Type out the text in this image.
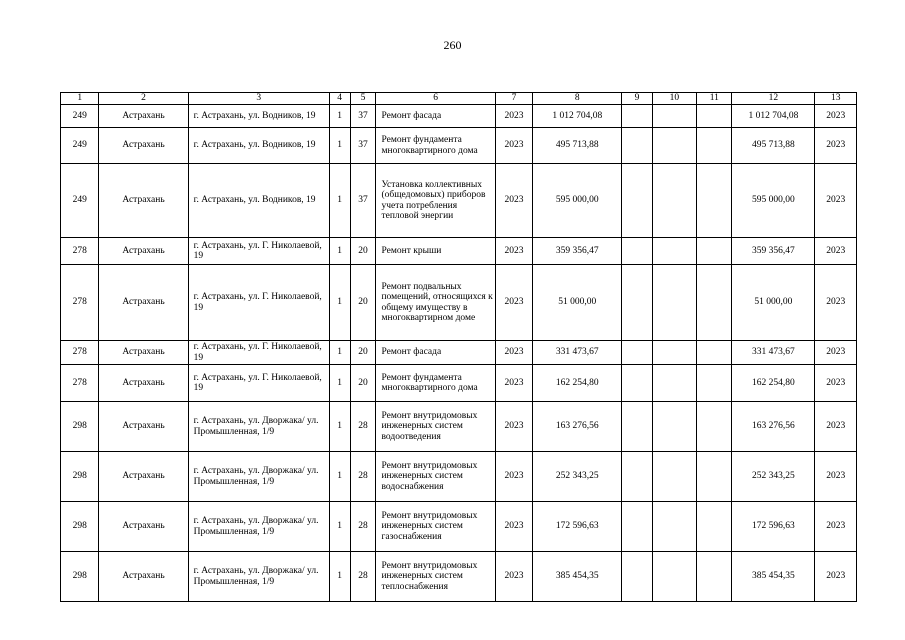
260
1	2	3	4	5	6	7	8	9	10	11	12	13
249	Астрахань	г. Астрахань, ул. Водников, 19	1	37	Ремонт фасада	2023	1 012 704,08				1 012 704,08	2023
249	Астрахань	г. Астрахань, ул. Водников, 19	1	37	Ремонт фундамента многоквартирного дома	2023	495 713,88				495 713,88	2023
249	Астрахань	г. Астрахань, ул. Водников, 19	1	37	Установка коллективных (общедомовых) приборов учета потребления тепловой энергии	2023	595 000,00				595 000,00	2023
278	Астрахань	г. Астрахань, ул. Г. Николаевой, 19	1	20	Ремонт крыши	2023	359 356,47				359 356,47	2023
278	Астрахань	г. Астрахань, ул. Г. Николаевой, 19	1	20	Ремонт подвальных помещений, относящихся к общему имуществу в многоквартирном доме	2023	51 000,00				51 000,00	2023
278	Астрахань	г. Астрахань, ул. Г. Николаевой, 19	1	20	Ремонт фасада	2023	331 473,67				331 473,67	2023
278	Астрахань	г. Астрахань, ул. Г. Николаевой, 19	1	20	Ремонт фундамента многоквартирного дома	2023	162 254,80				162 254,80	2023
298	Астрахань	г. Астрахань, ул. Дворжака/ ул. Промышленная, 1/9	1	28	Ремонт внутридомовых инженерных систем водоотведения	2023	163 276,56				163 276,56	2023
298	Астрахань	г. Астрахань, ул. Дворжака/ ул. Промышленная, 1/9	1	28	Ремонт внутридомовых инженерных систем водоснабжения	2023	252 343,25				252 343,25	2023
298	Астрахань	г. Астрахань, ул. Дворжака/ ул. Промышленная, 1/9	1	28	Ремонт внутридомовых инженерных систем газоснабжения	2023	172 596,63				172 596,63	2023
298	Астрахань	г. Астрахань, ул. Дворжака/ ул. Промышленная, 1/9	1	28	Ремонт внутридомовых инженерных систем теплоснабжения	2023	385 454,35				385 454,35	2023
